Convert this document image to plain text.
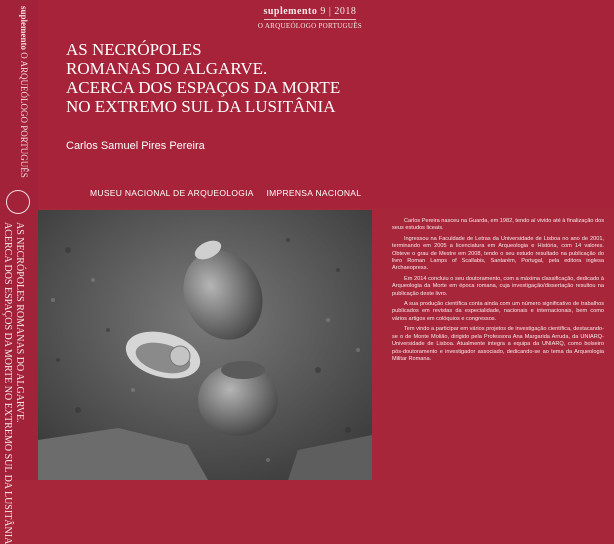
suplemento O ARQUEÓLOGO PORTUGUÊS
AS NECRÓPOLES ROMANAS DO ALGARVE.
ACERCA DOS ESPAÇOS DA MORTE NO EXTREMO SUL DA LUSITÂNIA
suplemento 9 | 2018
O ARQUEÓLOGO PORTUGUÊS
AS NECRÓPOLES
ROMANAS DO ALGARVE.
ACERCA DOS ESPAÇOS DA MORTE
NO EXTREMO SUL DA LUSITÂNIA
Carlos Samuel Pires Pereira
MUSEU NACIONAL DE ARQUEOLOGIA IMPRENSA NACIONAL

Carlos Pereira nasceu na Guarda, em 1982, tendo aí vivido até à finalização dos seus estudos liceais.

Ingressou na Faculdade de Letras da Universidade de Lisboa no ano de 2001, terminando em 2005 a licenciatura em Arqueologia e História, com 14 valores. Obteve o grau de Mestre em 2008, tendo o seu estudo resultado na publicação do livro Roman Lamps of Scallabis, Santarém, Portugal, pela editora inglesa Archaeopress.

Em 2014 concluiu o seu doutoramento, com a máxima classificação, dedicado à Arqueologia da Morte em época romana, cuja investigação/dissertação resultou na publicação deste livro.

A sua produção científica conta ainda com um número significativo de trabalhos publicados em revistas da especialidade, nacionais e internacionais, bem como vários artigos em colóquios e congressos.

Tem vindo a participar em vários projetos de investigação científica, destacando-se o de Monte Molião, dirigido pela Professora Ana Margarida Arruda, da UNIARQ-Universidade de Lisboa. Atualmente integra a equipa da UNIARQ, como bolseiro pós-doutoramento e investigador associado, dedicando-se ao tema da Arqueologia Militar Romana.
